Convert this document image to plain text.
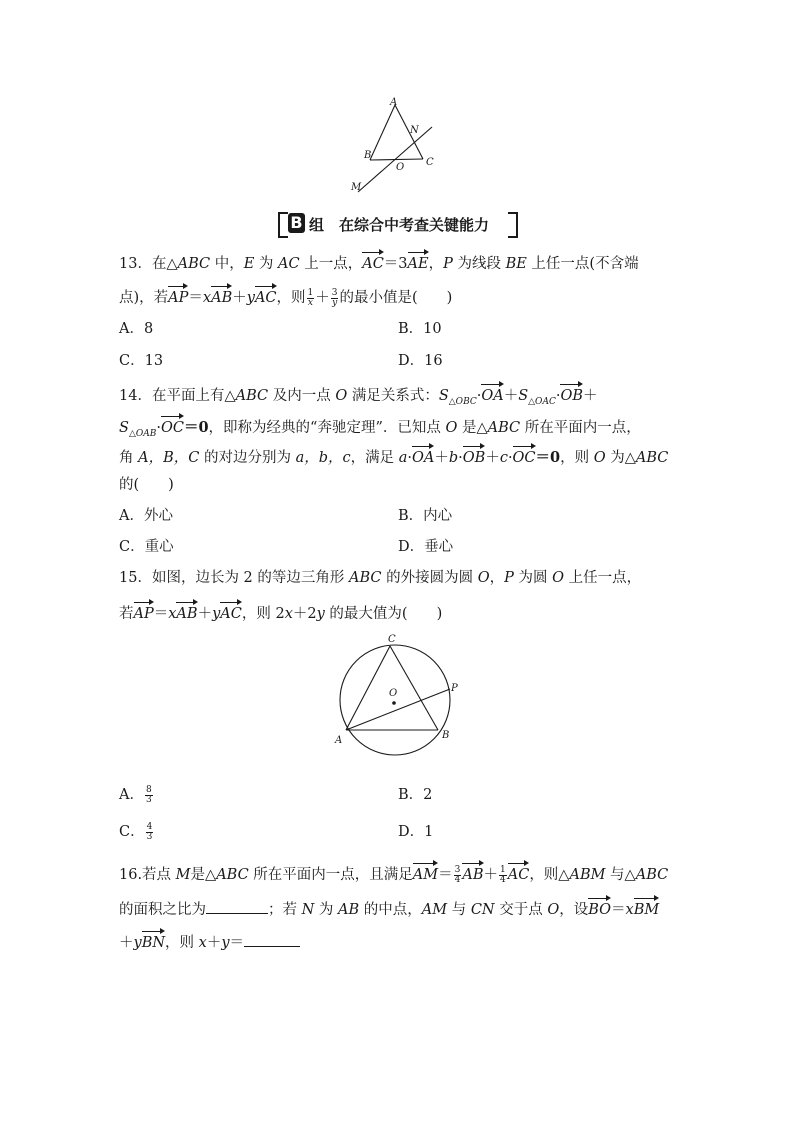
A
N
B
O C
M
B 组　在综合中考查关键能力
13．在△ABC 中，E 为 AC 上一点，AC＝3AE，P 为线段 BE 上任一点(不含端
点)，若AP＝xAB＋yAC，则 $\frac{1}{x} + \frac{3}{y}$ 的最小值是(　　)
A．8	B．10
C．13	D．16
14．在平面上有△ABC 及内一点 O 满足关系式：$S_{\triangle OBC}\cdot OA+S_{\triangle OAC}\cdot OB+$
$S_{\triangle OAB}\cdot OC=0$，即称为经典的“奔驰定理”．已知点 O 是△ABC 所在平面内一点，
角 A，B，C 的对边分别为 a，b，c，满足 a·OA＋b·OB＋c·OC＝0，则 O 为△ABC
的(　　)
A．外心	B．内心
C．重心	D．垂心
15．如图，边长为 2 的等边三角形 ABC 的外接圆为圆 O，P 为圆 O 上任一点，
若AP＝xAB＋yAC，则 2x＋2y 的最大值为(　　)
C
O	P
A	B
A． $\frac{8}{3}$	B．2
C． $\frac{4}{3}$	D．1
16.若点 M是△ABC 所在平面内一点，且满足$AM= \frac{3}{4} AB+ \frac{1}{4}$ AC，则△ABM 与△ABC
的面积之比为	；若 N 为 AB 的中点，AM 与 CN 交于点 O，设BO＝xBM
＋yBN，则 x＋y＝
